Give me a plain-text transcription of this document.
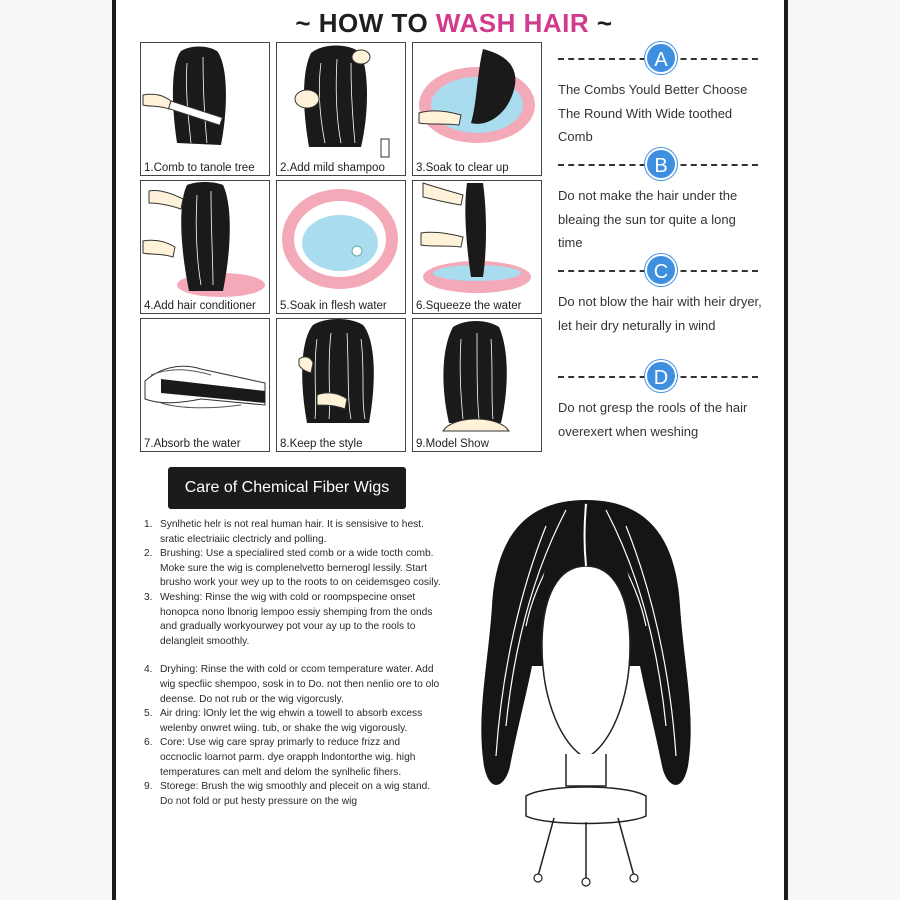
~ HOW TO WASH HAIR ~
1.Comb to tanole tree 2.Add mild shampoo	3.Soak to clear up
4.Add hair conditioner 5.Soak in flesh water	6.Squeeze the water
7.Absorb the water	8.Keep the style	9.Model Show
A
The Combs Yould Better Choose The Round With Wide toothed Comb
B
Do not make the hair under the bleaing the sun tor quite a long time
C
Do not blow the hair with heir dryer, let heir dry neturally in wind
D
Do not gresp the rools of the hair overexert when weshing
Care of Chemical Fiber Wigs
1. Synlhetic helr is not real human hair. It is sensisive to hest. sratic electriaiic clectricly and polling.
2. Brushing: Use a specialired sted comb or a wide tocth comb. Moke sure the wig is complenelvetto bernerogl lessily. Start brusho work your wey up to the roots to on ceidemsgeo cosily.
3. Weshing: Rinse the wig with cold or roompspecine onset honopca nono lbnorig lempoo essiy shemping from the onds and gradually workyourwey pot vour ay up to the rools to delangleit smoothly.
4. Dryhing: Rinse the with cold or ccom temperature water. Add wig specfiic shempoo, sosk in to Do. not then nenlio ore to olo deense. Do not rub or the wig vigorcusly.
5. Air dring: lOnly let the wig ehwin a towell to absorb excess welenby onwret wiing. tub, or shake the wig vigorously.
6. Core: Use wig care spray primarly to reduce frizz and occnoclic loarnot parm. dye orapph lndontorthe wig. high temperatures can melt and delom the synlhelic fihers.
9. Storege: Brush the wig smoothly and pleceit on a wig stand. Do not fold or put hesty pressure on the wig
